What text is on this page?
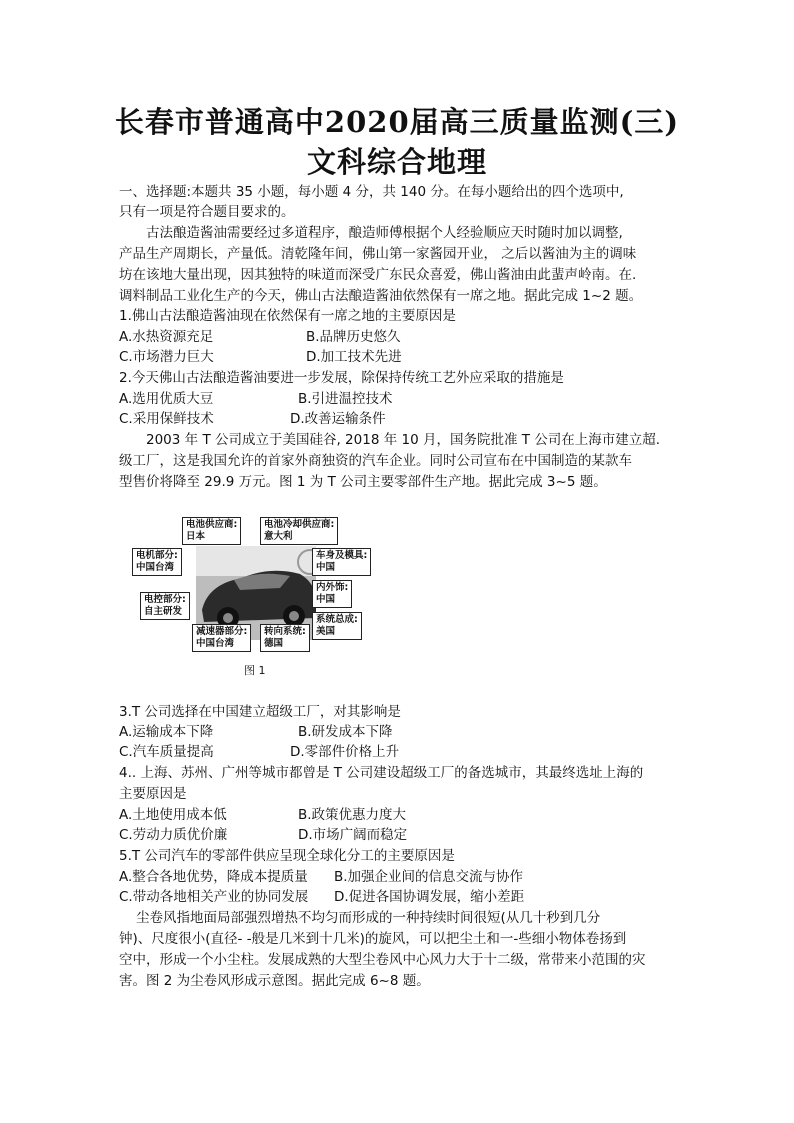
长春市普通高中2020届高三质量监测(三)
文科综合地理
一、选择题:本题共 35 小题，每小题 4 分，共 140 分。在每小题给出的四个选项中,
只有一项是符合题目要求的。
古法酿造酱油需要经过多道程序，酿造师傅根据个人经验顺应天时随时加以调整,
产品生产周期长，产量低。清乾隆年间，佛山第一家酱园开业， 之后以酱油为主的调味
坊在该地大量出现，因其独特的味道而深受广东民众喜爱，佛山酱油由此蜚声岭南。在.
调料制品工业化生产的今天，佛山古法酿造酱油依然保有一席之地。据此完成 1~2 题。
1.佛山古法酿造酱油现在依然保有一席之地的主要原因是
A.水热资源充足	B.品牌历史悠久
C.市场潜力巨大	D.加工技术先进
2.今天佛山古法酿造酱油要进一步发展，除保持传统工艺外应采取的措施是
A.选用优质大豆	B.引进温控技术
C.采用保鲜技术	D.改善运输条件
2003 年 T 公司成立于美国硅谷, 2018 年 10 月，国务院批准 T 公司在上海市建立超.
级工厂，这是我国允许的首家外商独资的汽车企业。同时公司宣布在中国制造的某款车
型售价将降至 29.9 万元。图 1 为 T 公司主要零部件生产地。据此完成 3~5 题。
电池供应商:
日本
电池冷却供应商:
意大利
电机部分:
中国台湾
电控部分:
自主研发
车身及模具:
中国
内外饰:
中国
系统总成:
美国
减速器部分:
中国台湾
转向系统:
德国
图 1
3.T 公司选择在中国建立超级工厂，对其影响是
A.运输成本下降	B.研发成本下降
C.汽车质量提高	D.零部件价格上升
4.. 上海、苏州、广州等城市都曾是 T 公司建设超级工厂的备选城市，其最终选址上海的
主要原因是
A.土地使用成本低	B.政策优惠力度大
C.劳动力质优价廉	D.市场广阔而稳定
5.T 公司汽车的零部件供应呈现全球化分工的主要原因是
A.整合各地优势，降成本提质量 B.加强企业间的信息交流与协作
C.带动各地相关产业的协同发展 D.促进各国协调发展，缩小差距
尘卷风指地面局部强烈增热不均匀而形成的一种持续时间很短(从几十秒到几分
钟)、尺度很小(直径- -般是几米到十几米)的旋风，可以把尘土和一-些细小物体卷扬到
空中，形成一个小尘柱。发展成熟的大型尘卷风中心风力大于十二级，常带来小范围的灾
害。图 2 为尘卷风形成示意图。据此完成 6~8 题。
